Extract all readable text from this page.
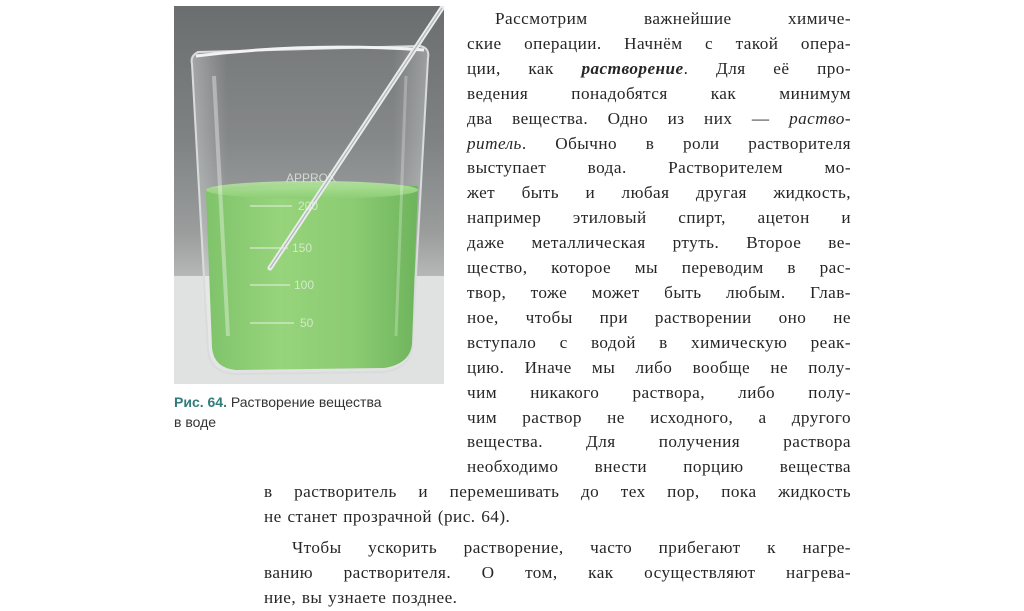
APPROX
200
150
100
50
Рис. 64. Растворение вещества
в воде
Рассмотрим важнейшие химиче-
ские операции. Начнём с такой опера-
ции, как растворение. Для её про-
ведения понадобятся как минимум
два вещества. Одно из них — раство-
ритель. Обычно в роли растворителя
выступает вода. Растворителем мо-
жет быть и любая другая жидкость,
например этиловый спирт, ацетон и
даже металлическая ртуть. Второе ве-
щество, которое мы переводим в рас-
твор, тоже может быть любым. Глав-
ное, чтобы при растворении оно не
вступало с водой в химическую реак-
цию. Иначе мы либо вообще не полу-
чим никакого раствора, либо полу-
чим раствор не исходного, а другого
вещества. Для получения раствора
необходимо внести порцию вещества
в растворитель и перемешивать до тех пор, пока жидкость
не станет прозрачной (рис. 64).
Чтобы ускорить растворение, часто прибегают к нагре-
ванию растворителя. О том, как осуществляют нагрева-
ние, вы узнаете позднее.
